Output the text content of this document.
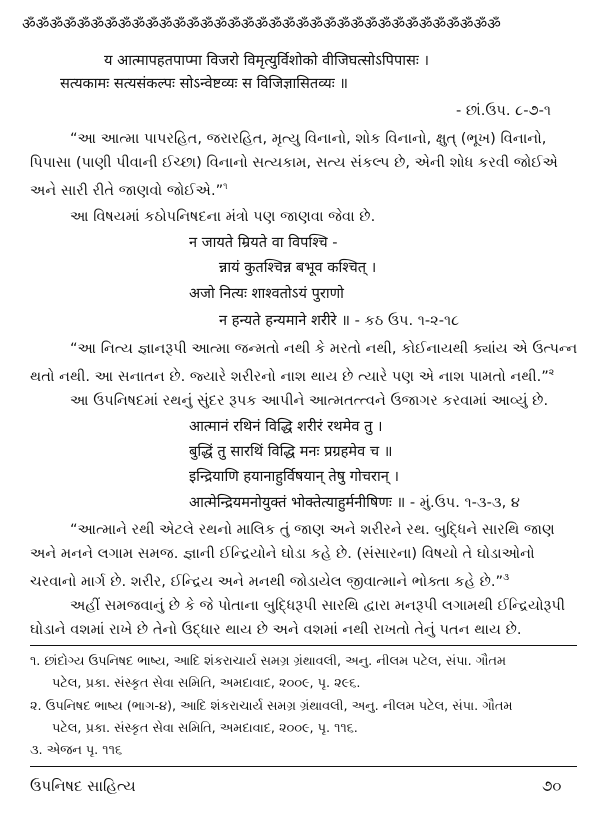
ॐॐॐॐॐॐॐॐॐॐॐॐॐॐॐॐॐॐॐॐॐॐॐॐॐॐॐॐॐॐॐॐॐॐॐ
य आत्मापहतपाप्मा विजरो विमृत्युर्विशोको वीजिघत्सोऽपिपासः ।
सत्यकामः सत्यसंकल्पः सोऽन्वेष्टव्यः स विजिज्ञासितव्यः ॥
- છાં.ઉપ. ૮-૭-૧
“આ આત્મા પાપરહિત, જરારહિત, મૃત્યુ વિનાનો, શોક વિનાનો, ક્ષુત્ (ભૂખ) વિનાનો,
પિપાસા (પાણી પીવાની ઈચ્છા) વિનાનો સત્યકામ, સત્ય સંકલ્પ છે, એની શોધ કરવી જોઈએ
અને સારી રીતે જાણવો જોઈએ.”$^૧$
આ વિષયમાં કઠોપનિષદના મંત્રો પણ જાણવા જેવા છે.
न जायते म्रियते वा विपश्चि -
न्नायं कुतश्चिन्न बभूव कश्चित् ।
अजो नित्यः शाश्वतोऽयं पुराणो
न हन्यते हन्यमाने शरीरे ॥ - કઠ ઉપ. ૧-૨-૧૮
“આ નિત્ય જ્ઞાનરૂપી આત્મા જન્મતો નથી કે મરતો નથી, કોઈનાયથી ક્યાંય એ ઉત્પન્ન
થતો નથી. આ સનાતન છે. જ્યારે શરીરનો નાશ થાય છે ત્યારે પણ એ નાશ પામતો નથી.”$^૨$
આ ઉપનિષદમાં રથનું સુંદર રૂપક આપીને આત્મતત્ત્વને ઉજાગર કરવામાં આવ્યું છે.
आत्मानं रथिनं विद्धि शरीरं रथमेव तु ।
बुद्धिं तु सारथिं विद्धि मनः प्रग्रहमेव च ॥
इन्द्रियाणि हयानाहुर्विषयान् तेषु गोचरान् ।
आत्मेन्द्रियमनोयुक्तं भोक्तेत्याहुर्मनीषिणः ॥ - મું.ઉપ. ૧-૩-૩, ૪
“આત્માને રથી એટલે રથનો માલિક તું જાણ અને શરીરને રથ. બુદ્ધિને સારથિ જાણ
અને મનને લગામ સમજ. જ્ઞાની ઈન્દ્રિયોને ઘોડા કહે છે. (સંસારના) વિષયો તે ઘોડાઓનો
ચરવાનો માર્ગ છે. શરીર, ઈન્દ્રિય અને મનથી જોડાયેલ જીવાત્માને ભોક્તા કહે છે.”$^૩$
અહીં સમજવાનું છે કે જે પોતાના બુદ્ધિરૂપી સારથિ દ્વારા મનરૂપી લગામથી ઈન્દ્રિયોરૂપી
ઘોડાને વશમાં રાખે છે તેનો ઉદ્ધાર થાય છે અને વશમાં નથી રાખતો તેનું પતન થાય છે.
૧. છાંદોગ્ય ઉપનિષદ ભાષ્ય, આદિ શંકરાચાર્ય સમગ્ર ગ્રંથાવલી, અનુ. નીલમ પટેલ, સંપા. ગૌતમ
પટેલ, પ્રકા. સંસ્કૃત સેવા સમિતિ, અમદાવાદ, ૨૦૦૯, પૃ. ૨૯૬.
૨. ઉપનિષદ ભાષ્ય (ભાગ-૪), આદિ શંકરાચાર્ય સમગ્ર ગ્રંથાવલી, અનુ. નીલમ પટેલ, સંપા. ગૌતમ
પટેલ, પ્રકા. સંસ્કૃત સેવા સમિતિ, અમદાવાદ, ૨૦૦૯, પૃ. ૧૧૬.
૩. એજન પૃ. ૧૧૬
ઉપનિષદ સાહિત્ય	૭૦
